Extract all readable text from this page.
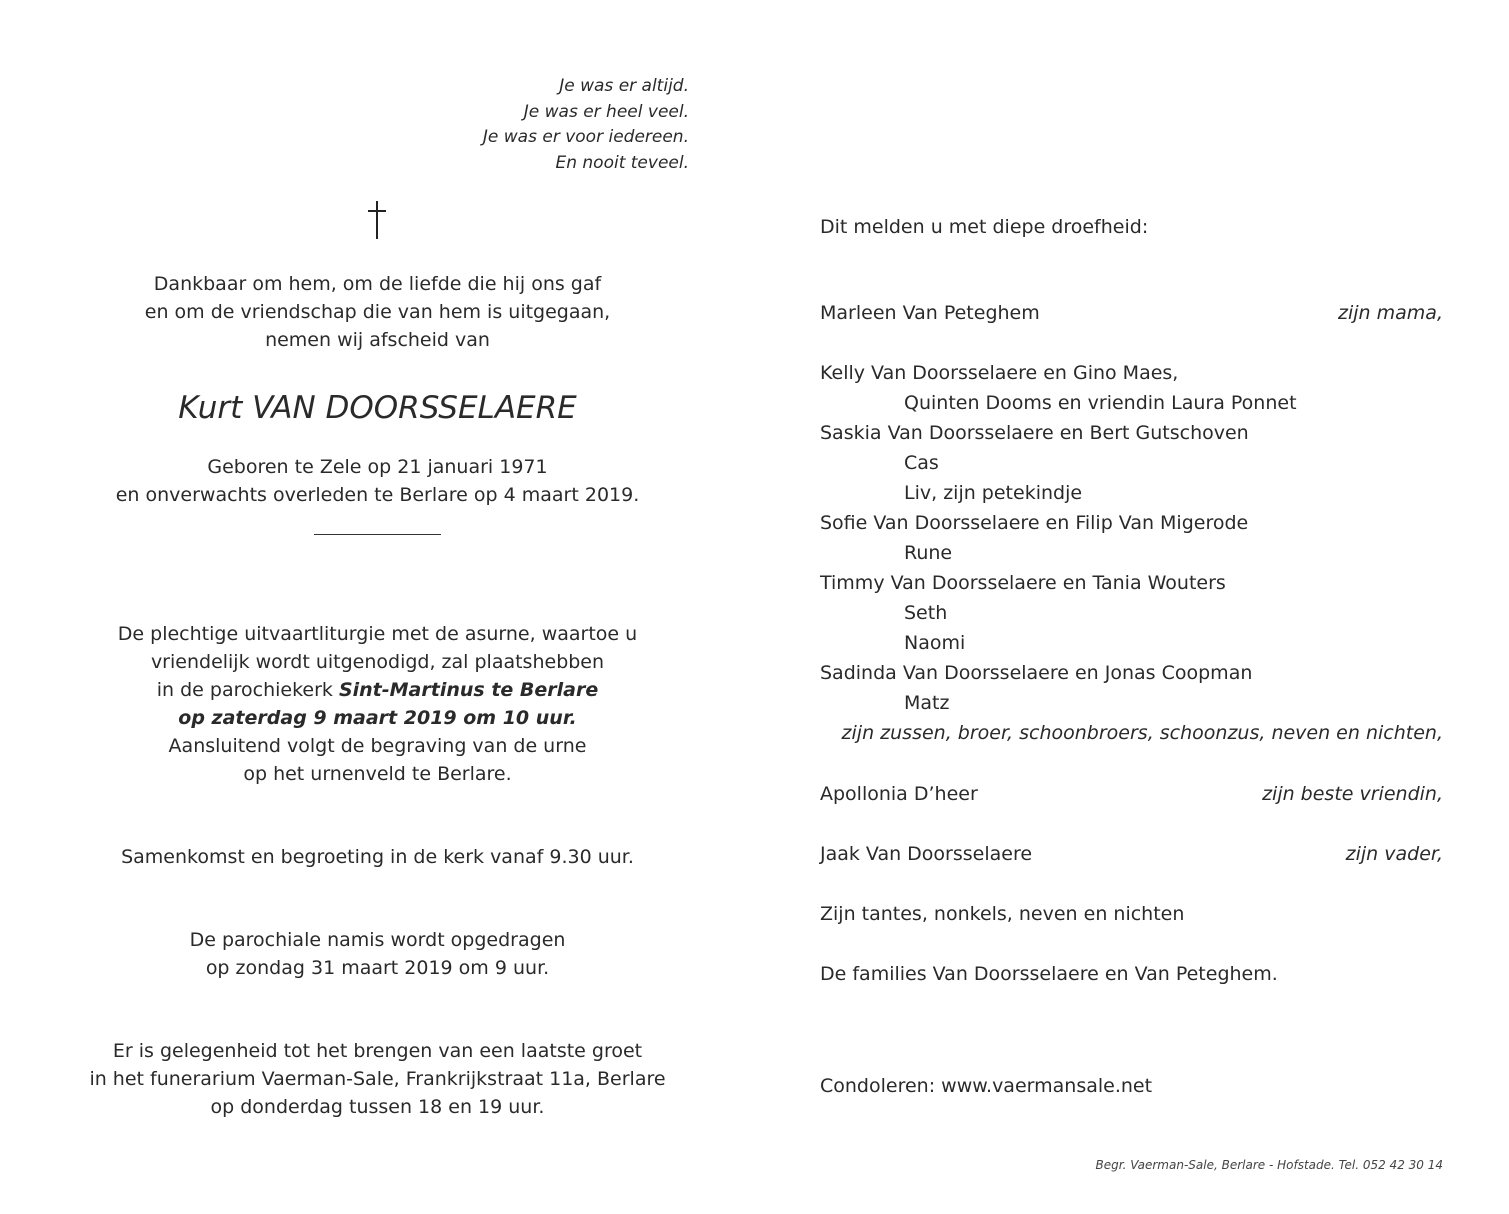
Je was er altijd.
Je was er heel veel.
Je was er voor iedereen.
En nooit teveel.
Dankbaar om hem, om de liefde die hij ons gaf
en om de vriendschap die van hem is uitgegaan,
nemen wij afscheid van
Kurt VAN DOORSSELAERE
Geboren te Zele op 21 januari 1971
en onverwachts overleden te Berlare op 4 maart 2019.
De plechtige uitvaartliturgie met de asurne, waartoe u
vriendelijk wordt uitgenodigd, zal plaatshebben
in de parochiekerk Sint-Martinus te Berlare
op zaterdag 9 maart 2019 om 10 uur.
Aansluitend volgt de begraving van de urne
op het urnenveld te Berlare.
Samenkomst en begroeting in de kerk vanaf 9.30 uur.
De parochiale namis wordt opgedragen
op zondag 31 maart 2019 om 9 uur.
Er is gelegenheid tot het brengen van een laatste groet
in het funerarium Vaerman-Sale, Frankrijkstraat 11a, Berlare
op donderdag tussen 18 en 19 uur.
Dit melden u met diepe droefheid:
Marleen Van Peteghem	zijn mama,
Kelly Van Doorsselaere en Gino Maes,
Quinten Dooms en vriendin Laura Ponnet
Saskia Van Doorsselaere en Bert Gutschoven
Cas
Liv, zijn petekindje
Sofie Van Doorsselaere en Filip Van Migerode
Rune
Timmy Van Doorsselaere en Tania Wouters
Seth
Naomi
Sadinda Van Doorsselaere en Jonas Coopman
Matz
zijn zussen, broer, schoonbroers, schoonzus, neven en nichten,
Apollonia D’heer	zijn beste vriendin,
Jaak Van Doorsselaere	zijn vader,
Zijn tantes, nonkels, neven en nichten
De families Van Doorsselaere en Van Peteghem.
Condoleren: www.vaermansale.net
Begr. Vaerman-Sale, Berlare - Hofstade. Tel. 052 42 30 14
